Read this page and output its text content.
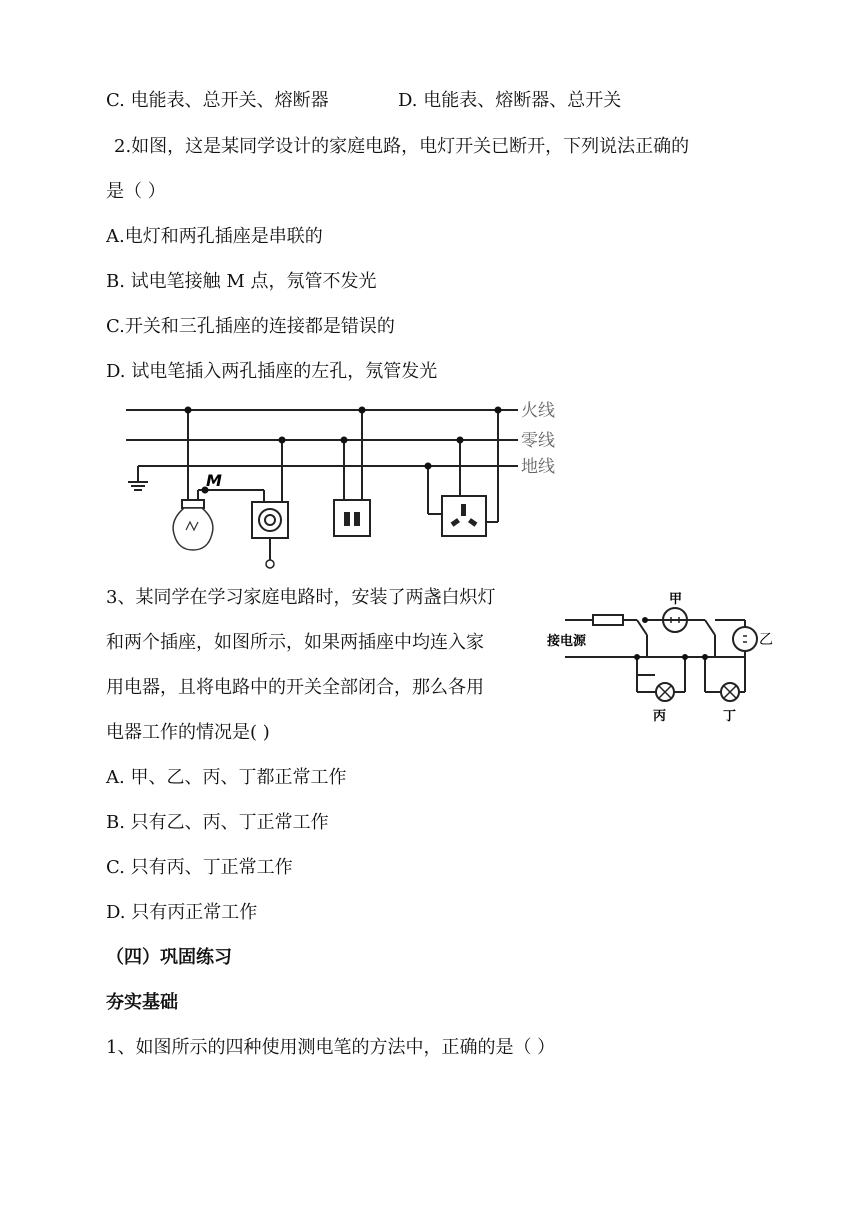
C. 电能表、总开关、熔断器	D. 电能表、熔断器、总开关
2.如图，这是某同学设计的家庭电路，电灯开关已断开，下列说法正确的
是（ ）
A.电灯和两孔插座是串联的
B. 试电笔接触 M 点，氖管不发光
C.开关和三孔插座的连接都是错误的
D. 试电笔插入两孔插座的左孔，氖管发光
M
火线
零线
地线
3、某同学在学习家庭电路时，安装了两盏白炽灯
和两个插座，如图所示，如果两插座中均连入家
用电器，且将电路中的开关全部闭合，那么各用
电器工作的情况是( )
接电源
甲
乙
丙	丁
A. 甲、乙、丙、丁都正常工作
B. 只有乙、丙、丁正常工作
C. 只有丙、丁正常工作
D. 只有丙正常工作
（四）巩固练习
夯实基础
1、如图所示的四种使用测电笔的方法中，正确的是（ ）
